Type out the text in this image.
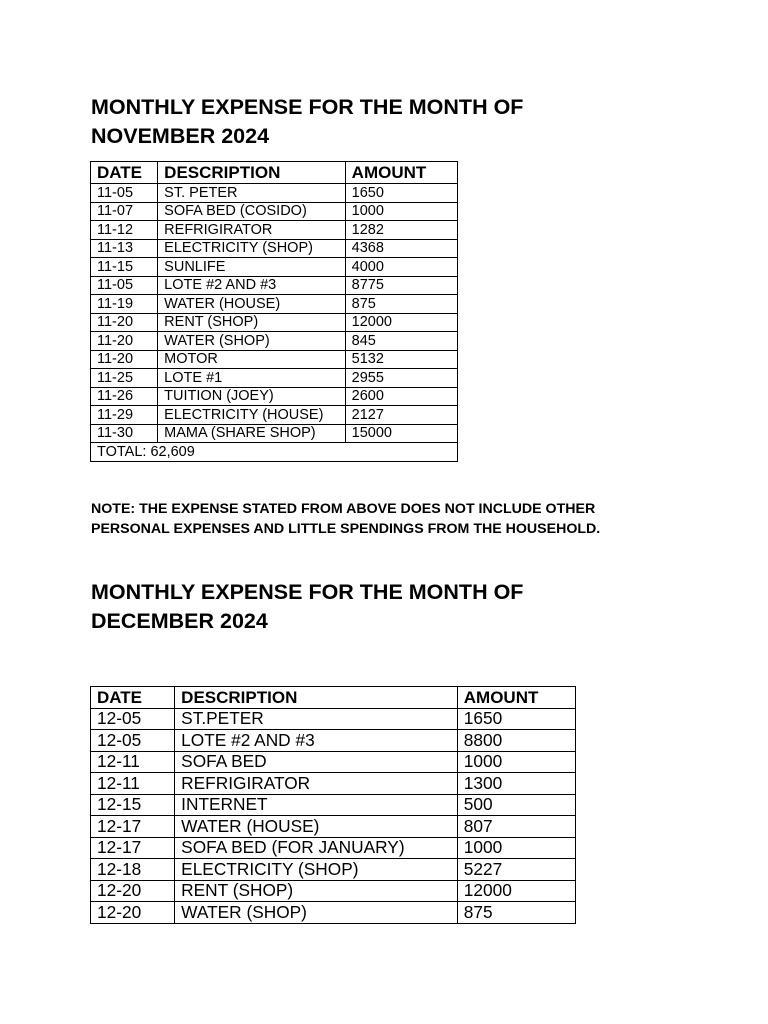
MONTHLY EXPENSE FOR THE MONTH OF
NOVEMBER 2024
DATE	DESCRIPTION	AMOUNT
11-05	ST. PETER	1650
11-07	SOFA BED (COSIDO)	1000
11-12	REFRIGIRATOR	1282
11-13	ELECTRICITY (SHOP)	4368
11-15	SUNLIFE	4000
11-05	LOTE #2 AND #3	8775
11-19	WATER (HOUSE)	875
11-20	RENT (SHOP)	12000
11-20	WATER (SHOP)	845
11-20	MOTOR	5132
11-25	LOTE #1	2955
11-26	TUITION (JOEY)	2600
11-29	ELECTRICITY (HOUSE)	2127
11-30	MAMA (SHARE SHOP)	15000
TOTAL: 62,609		

NOTE: THE EXPENSE STATED FROM ABOVE DOES NOT INCLUDE OTHER
PERSONAL EXPENSES AND LITTLE SPENDINGS FROM THE HOUSEHOLD.

MONTHLY EXPENSE FOR THE MONTH OF
DECEMBER 2024
DATE	DESCRIPTION	AMOUNT
12-05	ST.PETER	1650
12-05	LOTE #2 AND #3	8800
12-11	SOFA BED	1000
12-11	REFRIGIRATOR	1300
12-15	INTERNET	500
12-17	WATER (HOUSE)	807
12-17	SOFA BED (FOR JANUARY)	1000
12-18	ELECTRICITY (SHOP)	5227
12-20	RENT (SHOP)	12000
12-20	WATER (SHOP)	875
